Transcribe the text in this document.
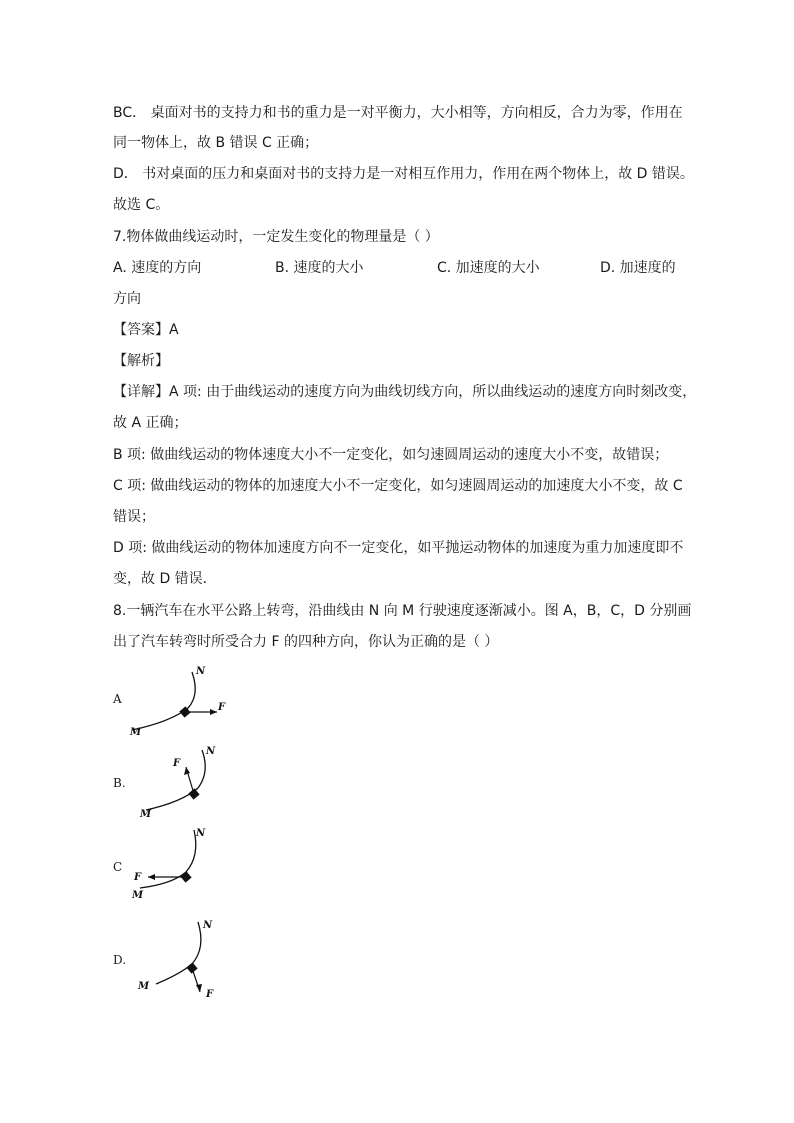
BC． 桌面对书的支持力和书的重力是一对平衡力，大小相等，方向相反，合力为零，作用在
同一物体上，故 B 错误 C 正确；
D． 书对桌面的压力和桌面对书的支持力是一对相互作用力，作用在两个物体上，故 D 错误。
故选 C。
7.物体做曲线运动时，一定发生变化的物理量是（ ）
A. 速度的方向	B. 速度的大小	C. 加速度的大小	D. 加速度的
方向
【答案】A
【解析】
【详解】A 项: 由于曲线运动的速度方向为曲线切线方向，所以曲线运动的速度方向时刻改变，
故 A 正确；
B 项: 做曲线运动的物体速度大小不一定变化，如匀速圆周运动的速度大小不变，故错误；
C 项: 做曲线运动的物体的加速度大小不一定变化，如匀速圆周运动的加速度大小不变，故 C
错误；
D 项: 做曲线运动的物体加速度方向不一定变化，如平抛运动物体的加速度为重力加速度即不
变，故 D 错误．
8.一辆汽车在水平公路上转弯，沿曲线由 N 向 M 行驶速度逐渐减小。图 A，B，C，D 分别画
出了汽车转弯时所受合力 F 的四种方向，你认为正确的是（ ）
A
N
M
F
B.
N
M
F
C
N
M
F
D.
N
M
F
